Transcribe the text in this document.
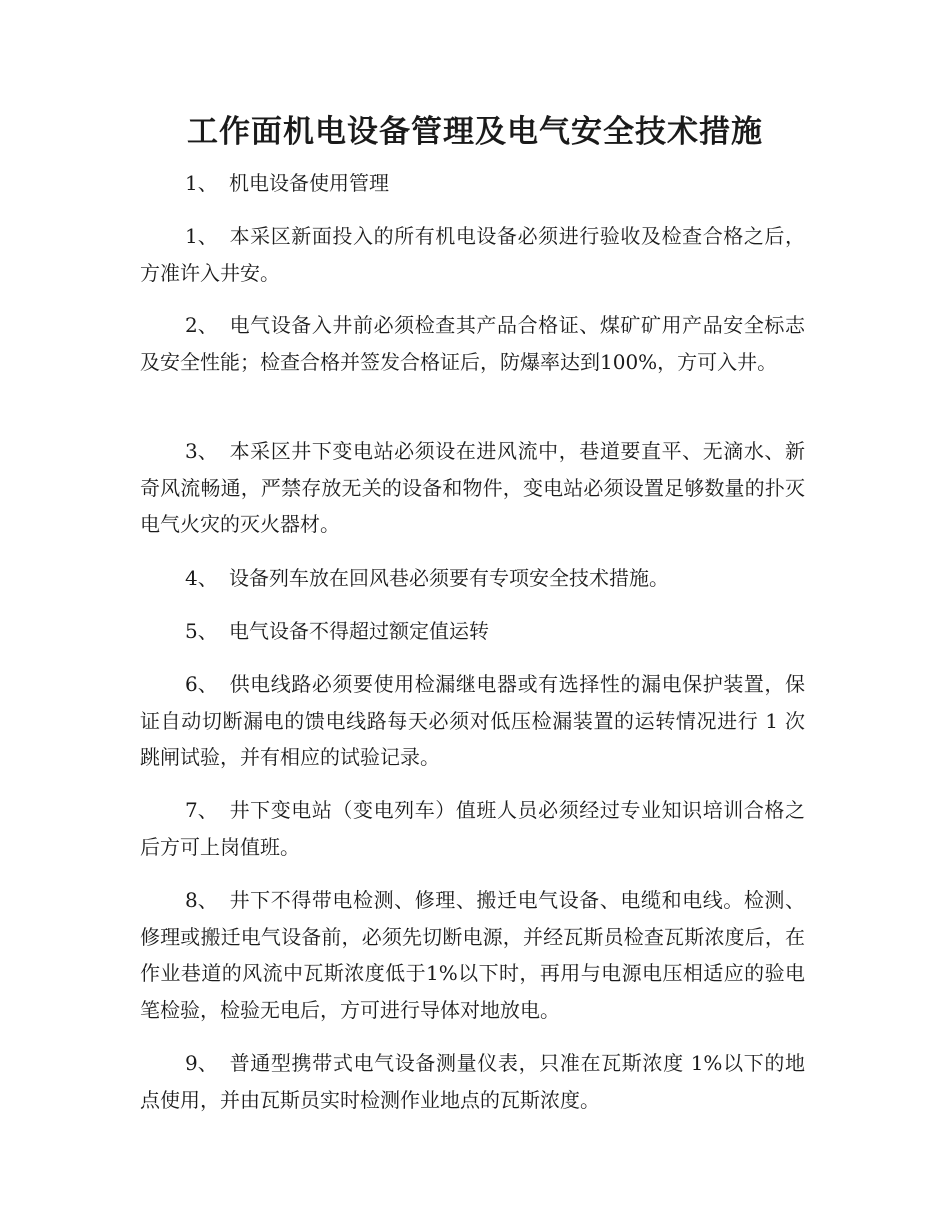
工作面机电设备管理及电气安全技术措施
1、 机电设备使用管理
1、 本采区新面投入的所有机电设备必须进行验收及检查合格之后，方准许入井安。
2、 电气设备入井前必须检查其产品合格证、煤矿矿用产品安全标志及安全性能；检查合格并签发合格证后，防爆率达到100%，方可入井。
3、 本采区井下变电站必须设在进风流中，巷道要直平、无滴水、新奇风流畅通，严禁存放无关的设备和物件，变电站必须设置足够数量的扑灭电气火灾的灭火器材。
4、 设备列车放在回风巷必须要有专项安全技术措施。
5、 电气设备不得超过额定值运转
6、 供电线路必须要使用检漏继电器或有选择性的漏电保护装置，保证自动切断漏电的馈电线路每天必须对低压检漏装置的运转情况进行 1 次跳闸试验，并有相应的试验记录。
7、 井下变电站（变电列车）值班人员必须经过专业知识培训合格之后方可上岗值班。
8、 井下不得带电检测、修理、搬迁电气设备、电缆和电线。检测、修理或搬迁电气设备前，必须先切断电源，并经瓦斯员检查瓦斯浓度后，在作业巷道的风流中瓦斯浓度低于1%以下时，再用与电源电压相适应的验电笔检验，检验无电后，方可进行导体对地放电。
9、 普通型携带式电气设备测量仪表，只准在瓦斯浓度 1%以下的地点使用，并由瓦斯员实时检测作业地点的瓦斯浓度。
